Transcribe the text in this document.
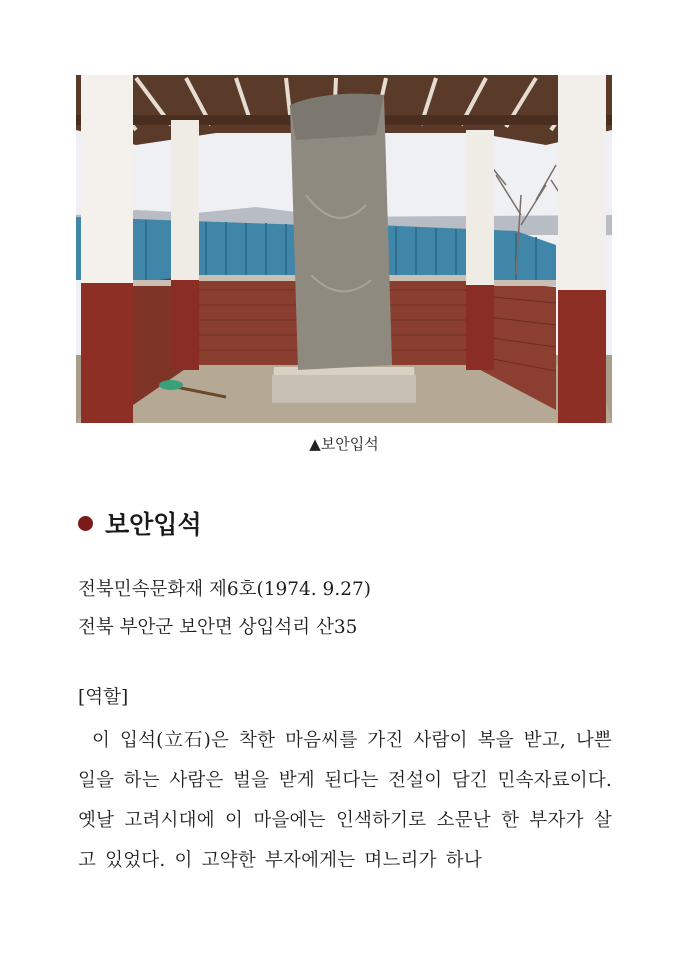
▲보안입석
보안입석
전북민속문화재 제6호(1974. 9.27)
전북 부안군 보안면 상입석리 산35
[역할]
이 입석(立石)은 착한 마음씨를 가진 사람이 복을 받고, 나쁜 일을 하는 사람은 벌을 받게 된다는 전설이 담긴 민속자료이다. 옛날 고려시대에 이 마을에는 인색하기로 소문난 한 부자가 살고 있었다. 이 고약한 부자에게는 며느리가 하나
